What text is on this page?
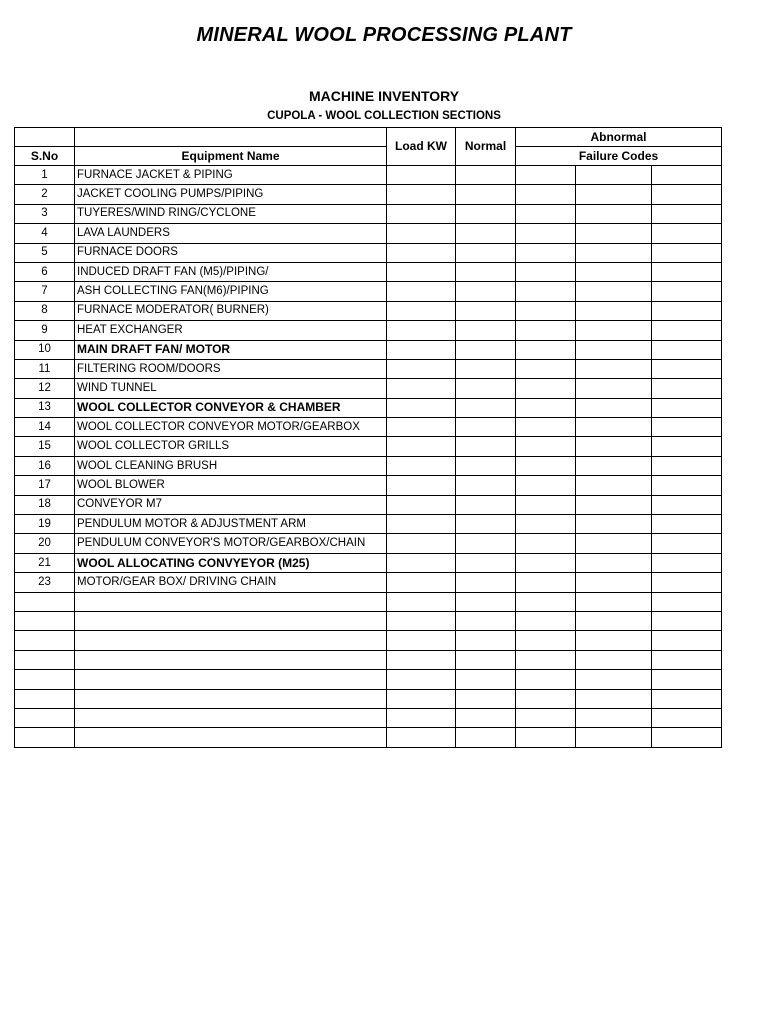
MINERAL WOOL PROCESSING PLANT
MACHINE INVENTORY
CUPOLA - WOOL COLLECTION SECTIONS
		Load KW	Normal	Abnormal		
S.No	Equipment Name			Failure Codes		
1	FURNACE JACKET & PIPING					
2	JACKET COOLING PUMPS/PIPING					
3	TUYERES/WIND RING/CYCLONE					
4	LAVA LAUNDERS					
5	FURNACE DOORS					
6	INDUCED DRAFT FAN (M5)/PIPING/					
7	ASH COLLECTING FAN(M6)/PIPING					
8	FURNACE MODERATOR( BURNER)					
9	HEAT EXCHANGER					
10	MAIN DRAFT FAN/ MOTOR					
11	FILTERING ROOM/DOORS					
12	WIND TUNNEL					
13	WOOL COLLECTOR CONVEYOR & CHAMBER					
14	WOOL COLLECTOR CONVEYOR MOTOR/GEARBOX					
15	WOOL COLLECTOR GRILLS					
16	WOOL CLEANING BRUSH					
17	WOOL BLOWER					
18	CONVEYOR M7					
19	PENDULUM MOTOR & ADJUSTMENT ARM					
20	PENDULUM CONVEYOR'S MOTOR/GEARBOX/CHAIN					
21	WOOL ALLOCATING CONVYEYOR (M25)					
23	MOTOR/GEAR BOX/ DRIVING CHAIN					
